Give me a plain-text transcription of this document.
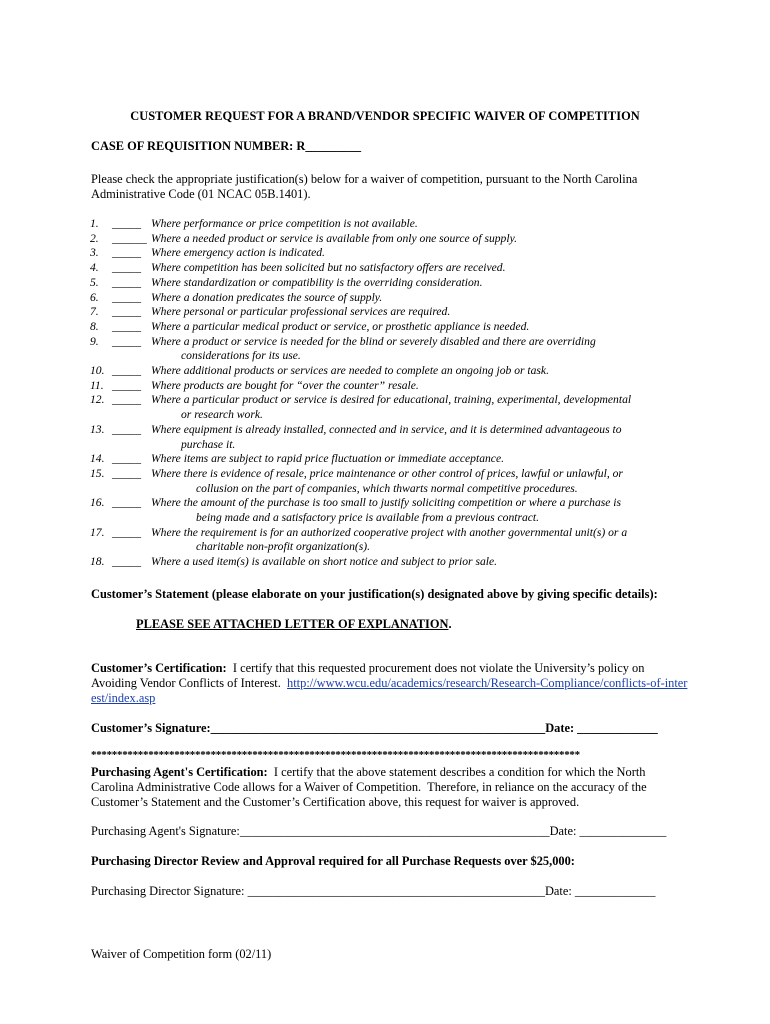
CUSTOMER REQUEST FOR A BRAND/VENDOR SPECIFIC WAIVER OF COMPETITION
CASE OF REQUISITION NUMBER: R_________
Please check the appropriate justification(s) below for a waiver of competition, pursuant to the North Carolina Administrative Code (01 NCAC 05B.1401).
1.	_____ Where performance or price competition is not available.
2.	______ Where a needed product or service is available from only one source of supply.
3.	_____ Where emergency action is indicated.
4.	_____ Where competition has been solicited but no satisfactory offers are received.
5.	_____ Where standardization or compatibility is the overriding consideration.
6.	_____ Where a donation predicates the source of supply.
7.	_____ Where personal or particular professional services are required.
8.	_____ Where a particular medical product or service, or prosthetic appliance is needed.
9.	_____ Where a product or service is needed for the blind or severely disabled and there are overriding
considerations for its use.
10. _____ Where additional products or services are needed to complete an ongoing job or task.
11. _____ Where products are bought for “over the counter” resale.
12. _____ Where a particular product or service is desired for educational, training, experimental, developmental
or research work.
13. _____ Where equipment is already installed, connected and in service, and it is determined advantageous to
purchase it.
14. _____ Where items are subject to rapid price fluctuation or immediate acceptance.
15. _____ Where there is evidence of resale, price maintenance or other control of prices, lawful or unlawful, or
collusion on the part of companies, which thwarts normal competitive procedures.
16. _____ Where the amount of the purchase is too small to justify soliciting competition or where a purchase is
being made and a satisfactory price is available from a previous contract.
17. _____ Where the requirement is for an authorized cooperative project with another governmental unit(s) or a
charitable non-profit organization(s).
18. _____ Where a used item(s) is available on short notice and subject to prior sale.
Customer’s Statement (please elaborate on your justification(s) designated above by giving specific details):
PLEASE SEE ATTACHED LETTER OF EXPLANATION.
Customer’s Certification:  I certify that this requested procurement does not violate the University’s policy on Avoiding Vendor Conflicts of Interest.  http://www.wcu.edu/academics/research/Research-Compliance/conflicts-of-interest/index.asp
Customer’s Signature:______________________________________________________Date: _____________
**********************************************************************************************
Purchasing Agent's Certification:  I certify that the above statement describes a condition for which the North Carolina Administrative Code allows for a Waiver of Competition.  Therefore, in reliance on the accuracy of the Customer’s Statement and the Customer’s Certification above, this request for waiver is approved.
Purchasing Agent's Signature:__________________________________________________Date: ______________
Purchasing Director Review and Approval required for all Purchase Requests over $25,000:
Purchasing Director Signature: ________________________________________________Date: _____________
Waiver of Competition form (02/11)
